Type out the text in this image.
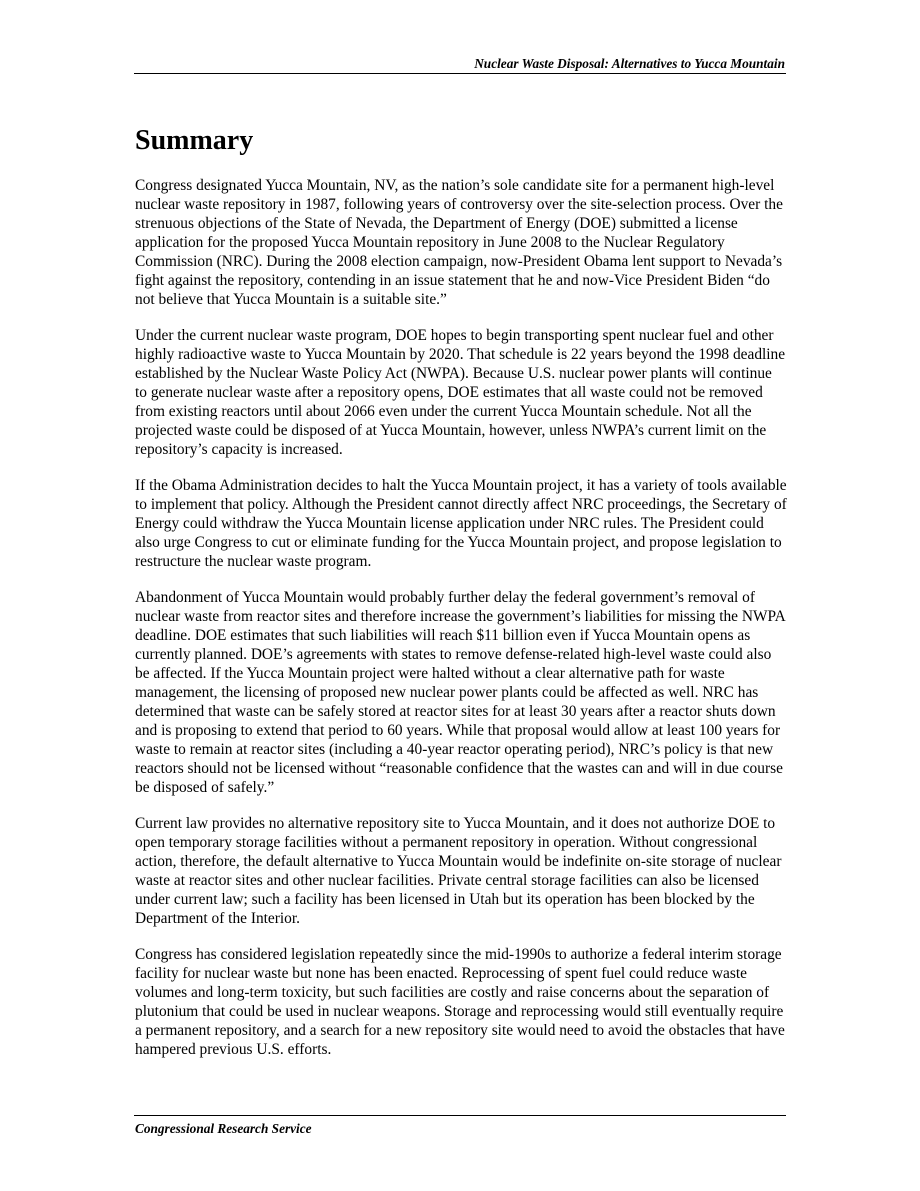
Nuclear Waste Disposal: Alternatives to Yucca Mountain
Summary

Congress designated Yucca Mountain, NV, as the nation’s sole candidate site for a permanent high-level nuclear waste repository in 1987, following years of controversy over the site-selection process. Over the strenuous objections of the State of Nevada, the Department of Energy (DOE) submitted a license application for the proposed Yucca Mountain repository in June 2008 to the Nuclear Regulatory Commission (NRC). During the 2008 election campaign, now-President Obama lent support to Nevada’s fight against the repository, contending in an issue statement that he and now-Vice President Biden “do not believe that Yucca Mountain is a suitable site.”

Under the current nuclear waste program, DOE hopes to begin transporting spent nuclear fuel and other highly radioactive waste to Yucca Mountain by 2020. That schedule is 22 years beyond the 1998 deadline established by the Nuclear Waste Policy Act (NWPA). Because U.S. nuclear power plants will continue to generate nuclear waste after a repository opens, DOE estimates that all waste could not be removed from existing reactors until about 2066 even under the current Yucca Mountain schedule. Not all the projected waste could be disposed of at Yucca Mountain, however, unless NWPA’s current limit on the repository’s capacity is increased.

If the Obama Administration decides to halt the Yucca Mountain project, it has a variety of tools available to implement that policy. Although the President cannot directly affect NRC proceedings, the Secretary of Energy could withdraw the Yucca Mountain license application under NRC rules. The President could also urge Congress to cut or eliminate funding for the Yucca Mountain project, and propose legislation to restructure the nuclear waste program.

Abandonment of Yucca Mountain would probably further delay the federal government’s removal of nuclear waste from reactor sites and therefore increase the government’s liabilities for missing the NWPA deadline. DOE estimates that such liabilities will reach $11 billion even if Yucca Mountain opens as currently planned. DOE’s agreements with states to remove defense-related high-level waste could also be affected. If the Yucca Mountain project were halted without a clear alternative path for waste management, the licensing of proposed new nuclear power plants could be affected as well. NRC has determined that waste can be safely stored at reactor sites for at least 30 years after a reactor shuts down and is proposing to extend that period to 60 years. While that proposal would allow at least 100 years for waste to remain at reactor sites (including a 40-year reactor operating period), NRC’s policy is that new reactors should not be licensed without “reasonable confidence that the wastes can and will in due course be disposed of safely.”

Current law provides no alternative repository site to Yucca Mountain, and it does not authorize DOE to open temporary storage facilities without a permanent repository in operation. Without congressional action, therefore, the default alternative to Yucca Mountain would be indefinite on-site storage of nuclear waste at reactor sites and other nuclear facilities. Private central storage facilities can also be licensed under current law; such a facility has been licensed in Utah but its operation has been blocked by the Department of the Interior.

Congress has considered legislation repeatedly since the mid-1990s to authorize a federal interim storage facility for nuclear waste but none has been enacted. Reprocessing of spent fuel could reduce waste volumes and long-term toxicity, but such facilities are costly and raise concerns about the separation of plutonium that could be used in nuclear weapons. Storage and reprocessing would still eventually require a permanent repository, and a search for a new repository site would need to avoid the obstacles that have hampered previous U.S. efforts.

Congressional Research Service
